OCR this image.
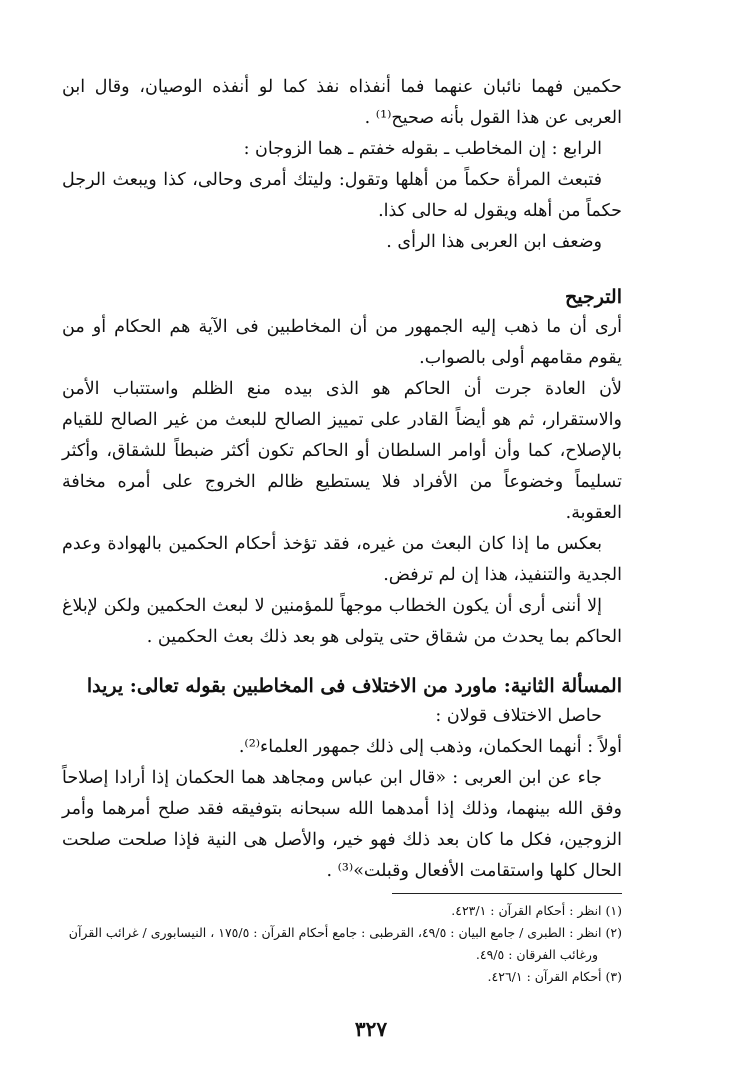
حكمين فهما نائبان عنهما فما أنفذاه نفذ كما لو أنفذه الوصيان، وقال ابن العربى عن هذا القول بأنه صحيح⁽¹⁾ .

الرابع : إن المخاطب ـ بقوله خفتم ـ هما الزوجان :

فتبعث المرأة حكماً من أهلها وتقول: وليتك أمرى وحالى، كذا ويبعث الرجل حكماً من أهله ويقول له حالى كذا.

وضعف ابن العربى هذا الرأى .

الترجيح

أرى أن ما ذهب إليه الجمهور من أن المخاطبين فى الآية هم الحكام أو من يقوم مقامهم أولى بالصواب.

لأن العادة جرت أن الحاكم هو الذى بيده منع الظلم واستتباب الأمن والاستقرار، ثم هو أيضاً القادر على تمييز الصالح للبعث من غير الصالح للقيام بالإصلاح، كما وأن أوامر السلطان أو الحاكم تكون أكثر ضبطاً للشقاق، وأكثر تسليماً وخضوعاً من الأفراد فلا يستطيع ظالم الخروج على أمره مخافة العقوبة.

بعكس ما إذا كان البعث من غيره، فقد تؤخذ أحكام الحكمين بالهوادة وعدم الجدية والتنفيذ، هذا إن لم ترفض.

إلا أننى أرى أن يكون الخطاب موجهاً للمؤمنين لا لبعث الحكمين ولكن لإبلاغ الحاكم بما يحدث من شقاق حتى يتولى هو بعد ذلك بعث الحكمين .

المسألة الثانية: ماورد من الاختلاف فى المخاطبين بقوله تعالى: يريدا

حاصل الاختلاف قولان :

أولاً : أنهما الحكمان، وذهب إلى ذلك جمهور العلماء⁽²⁾.

جاء عن ابن العربى : «قال ابن عباس ومجاهد هما الحكمان إذا أرادا إصلاحاً وفق الله بينهما، وذلك إذا أمدهما الله سبحانه بتوفيقه فقد صلح أمرهما وأمر الزوجين، فكل ما كان بعد ذلك فهو خير، والأصل هى النية فإذا صلحت صلحت الحال كلها واستقامت الأفعال وقبلت»⁽³⁾ .

(١) انظر : أحكام القرآن : ٤٢٣/١.

(٢) انظر : الطبرى / جامع البيان : ٤٩/٥، القرطبى : جامع أحكام القرآن : ١٧٥/٥ ، النيسابورى / غرائب القرآن

ورغائب الفرقان : ٤٩/٥.

(٣) أحكام القرآن : ٤٢٦/١.

٣٢٧
